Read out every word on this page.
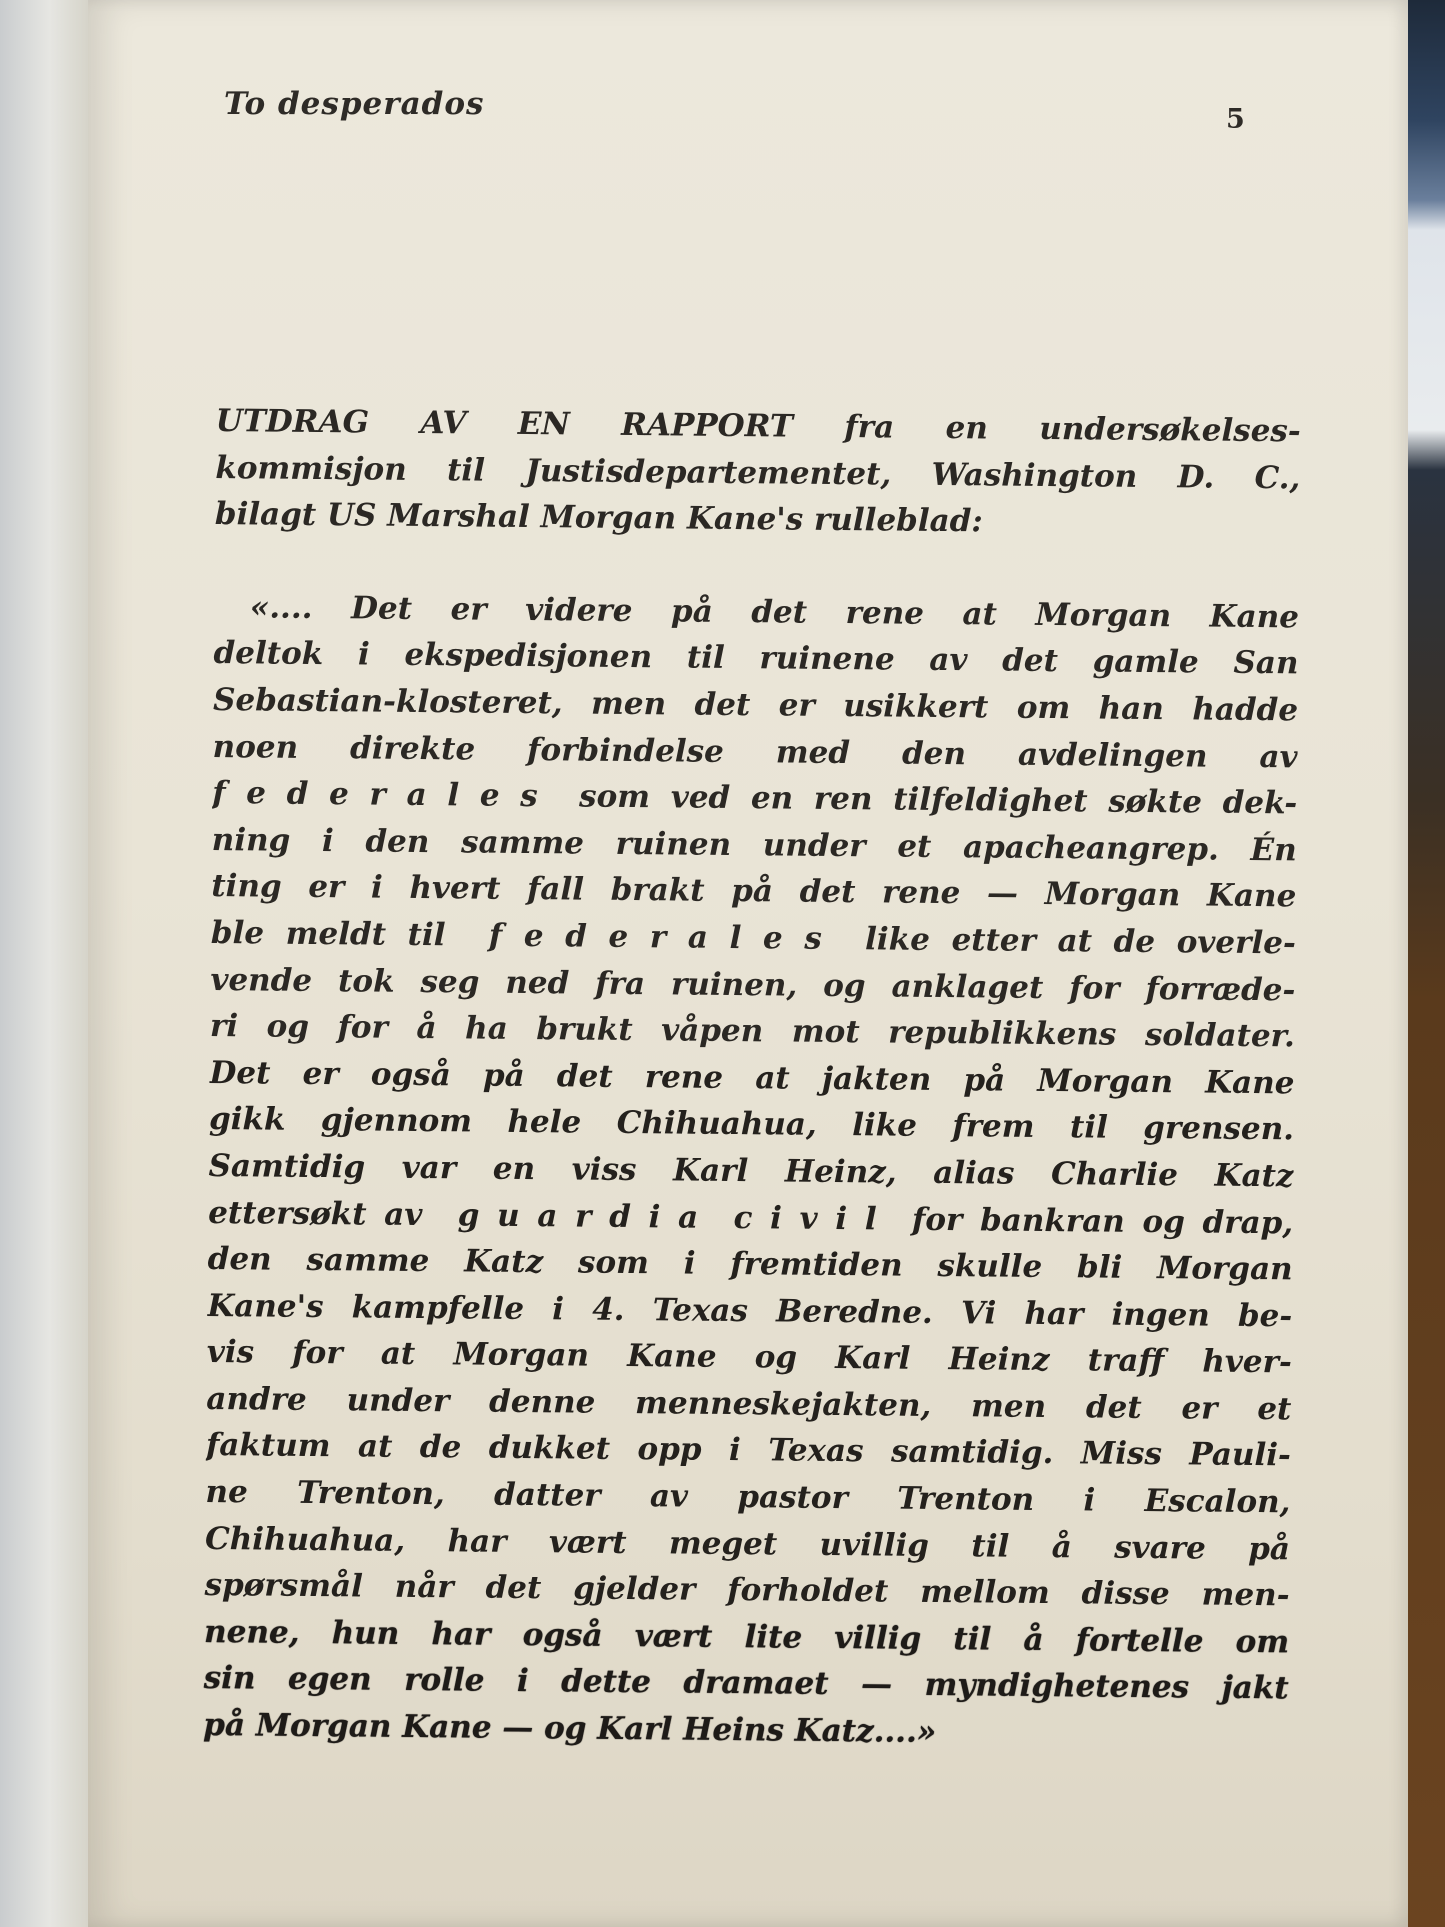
To desperados	5
UTDRAG AV EN RAPPORT fra en undersøkelses-
kommisjon til Justisdepartementet, Washington D. C.,
bilagt US Marshal Morgan Kane's rulleblad:
«.... Det er videre på det rene at Morgan Kane
deltok i ekspedisjonen til ruinene av det gamle San
Sebastian-klosteret, men det er usikkert om han hadde
noen direkte forbindelse med den avdelingen av
f e d e r a l e s  som ved en ren tilfeldighet søkte dek-
ning i den samme ruinen under et apacheangrep. Én
ting er i hvert fall brakt på det rene — Morgan Kane
ble meldt til  f e d e r a l e s  like etter at de overle-
vende tok seg ned fra ruinen, og anklaget for forræde-
ri og for å ha brukt våpen mot republikkens soldater.
Det er også på det rene at jakten på Morgan Kane
gikk gjennom hele Chihuahua, like frem til grensen.
Samtidig var en viss Karl Heinz, alias Charlie Katz
ettersøkt av  g u a r d i a  c i v i l  for bankran og drap,
den samme Katz som i fremtiden skulle bli Morgan
Kane's kampfelle i 4. Texas Beredne. Vi har ingen be-
vis for at Morgan Kane og Karl Heinz traff hver-
andre under denne menneskejakten, men det er et
faktum at de dukket opp i Texas samtidig. Miss Pauli-
ne Trenton, datter av pastor Trenton i Escalon,
Chihuahua, har vært meget uvillig til å svare på
spørsmål når det gjelder forholdet mellom disse men-
nene, hun har også vært lite villig til å fortelle om
sin egen rolle i dette dramaet — myndighetenes jakt
på Morgan Kane — og Karl Heins Katz....»
